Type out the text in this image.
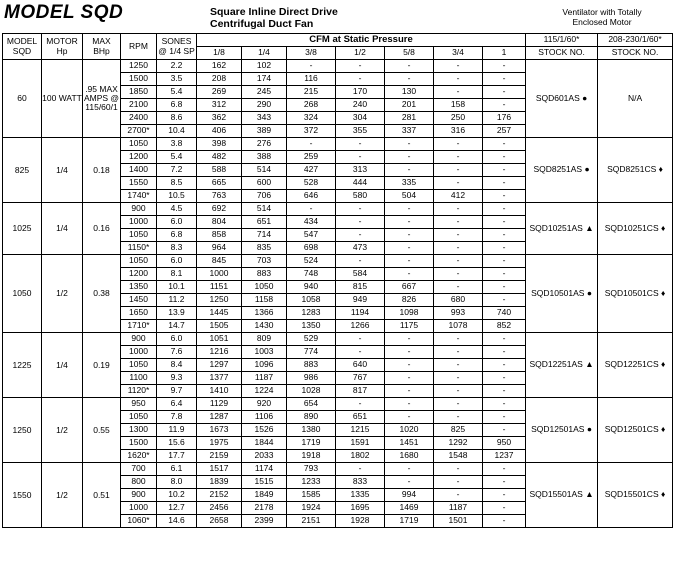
MODEL SQD	Square Inline Direct Drive
Centrifugal Duct Fan
Ventilator with Totally
Enclosed Motor
MODEL
SQD	MOTOR
Hp	MAX
BHp	RPM	SONES
@ 1/4 SP	CFM at Static Pressure							115/1/60*	208-230/1/60*
					1/8	1/4	3/8	1/2	5/8	3/4	1	STOCK NO.	STOCK NO.
60	100 WATT	.95 MAX AMPS @ 115/60/1	1250	2.2	162	102	-	-	-	-	-	SQD601AS ●	N/A
			1500	3.5	208	174	116	-	-	-	-		
			1850	5.4	269	245	215	170	130	-	-		
			2100	6.8	312	290	268	240	201	158	-		
			2400	8.6	362	343	324	304	281	250	176		
			2700*	10.4	406	389	372	355	337	316	257		
825	1/4	0.18	1050	3.8	398	276	-	-	-	-	-	SQD8251AS ●	SQD8251CS ♦
			1200	5.4	482	388	259	-	-	-	-		
			1400	7.2	588	514	427	313	-	-	-		
			1550	8.5	665	600	528	444	335	-	-		
			1740*	10.5	763	706	646	580	504	412	-		
1025	1/4	0.16	900	4.5	692	514	-	-	-	-	-	SQD10251AS ▲	SQD10251CS ♦
			1000	6.0	804	651	434	-	-	-	-		
			1050	6.8	858	714	547	-	-	-	-		
			1150*	8.3	964	835	698	473	-	-	-		
1050	1/2	0.38	1050	6.0	845	703	524	-	-	-	-	SQD10501AS ●	SQD10501CS ♦
			1200	8.1	1000	883	748	584	-	-	-		
			1350	10.1	1151	1050	940	815	667	-	-		
			1450	11.2	1250	1158	1058	949	826	680	-		
			1650	13.9	1445	1366	1283	1194	1098	993	740		
			1710*	14.7	1505	1430	1350	1266	1175	1078	852		
1225	1/4	0.19	900	6.0	1051	809	529	-	-	-	-	SQD12251AS ▲	SQD12251CS ♦
			1000	7.6	1216	1003	774	-	-	-	-		
			1050	8.4	1297	1096	883	640	-	-	-		
			1100	9.3	1377	1187	986	767	-	-	-		
			1120*	9.7	1410	1224	1028	817	-	-	-		
1250	1/2	0.55	950	6.4	1129	920	654	-	-	-	-	SQD12501AS ●	SQD12501CS ♦
			1050	7.8	1287	1106	890	651	-	-	-		
			1300	11.9	1673	1526	1380	1215	1020	825	-		
			1500	15.6	1975	1844	1719	1591	1451	1292	950		
			1620*	17.7	2159	2033	1918	1802	1680	1548	1237		
1550	1/2	0.51	700	6.1	1517	1174	793	-	-	-	-	SQD15501AS ▲	SQD15501CS ♦
			800	8.0	1839	1515	1233	833	-	-	-		
			900	10.2	2152	1849	1585	1335	994	-	-		
			1000	12.7	2456	2178	1924	1695	1469	1187	-		
			1060*	14.6	2658	2399	2151	1928	1719	1501	-		
